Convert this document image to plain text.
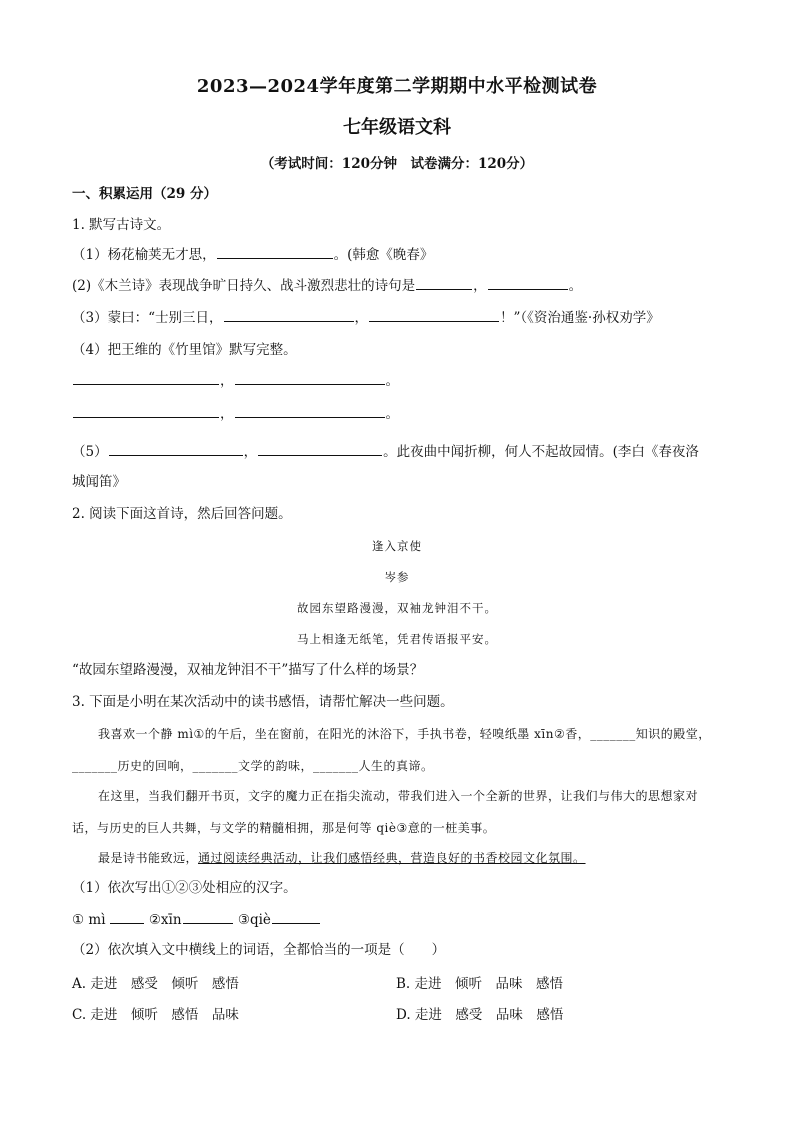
2023—2024学年度第二学期期中水平检测试卷
七年级语文科
（考试时间：120分钟　试卷满分：120分）
一、积累运用（29 分）
1. 默写古诗文。
（1）杨花榆荚无才思，	。(韩愈《晚春》
(2)《木兰诗》表现战争旷日持久、战斗激烈悲壮的诗句是	，	。
（3）蒙曰：“士别三日，	，	！”（《资治通鉴·孙权劝学》
（4）把王维的《竹里馆》默写完整。
，	。
，	。
（5）	，	。此夜曲中闻折柳，何人不起故园情。(李白《春夜洛
城闻笛》
2. 阅读下面这首诗，然后回答问题。
逢入京使
岑参
故园东望路漫漫，双袖龙钟泪不干。
马上相逢无纸笔，凭君传语报平安。
“故园东望路漫漫，双袖龙钟泪不干”描写了什么样的场景？
3. 下面是小明在某次活动中的读书感悟，请帮忙解决一些问题。
我喜欢一个静 mì①的午后，坐在窗前，在阳光的沐浴下，手执书卷，轻嗅纸墨 xīn②香，_______知识的殿堂，_______历史的回响，_______文学的韵味，_______人生的真谛。
在这里，当我们翻开书页，文字的魔力正在指尖流动，带我们进入一个全新的世界，让我们与伟大的思想家对话，与历史的巨人共舞，与文学的精髓相拥，那是何等 qiè③意的一桩美事。
最是诗书能致远，通过阅读经典活动，让我们感悟经典，营造良好的书香校园文化氛围。
（1）依次写出①②③处相应的汉字。
① mì	②xīn	③qiè
（2）依次填入文中横线上的词语，全都恰当的一项是（　　）
A. 走进　感受　倾听　感悟	B. 走进　倾听　品味　感悟
C. 走进　倾听　感悟　品味	D. 走进　感受　品味　感悟
